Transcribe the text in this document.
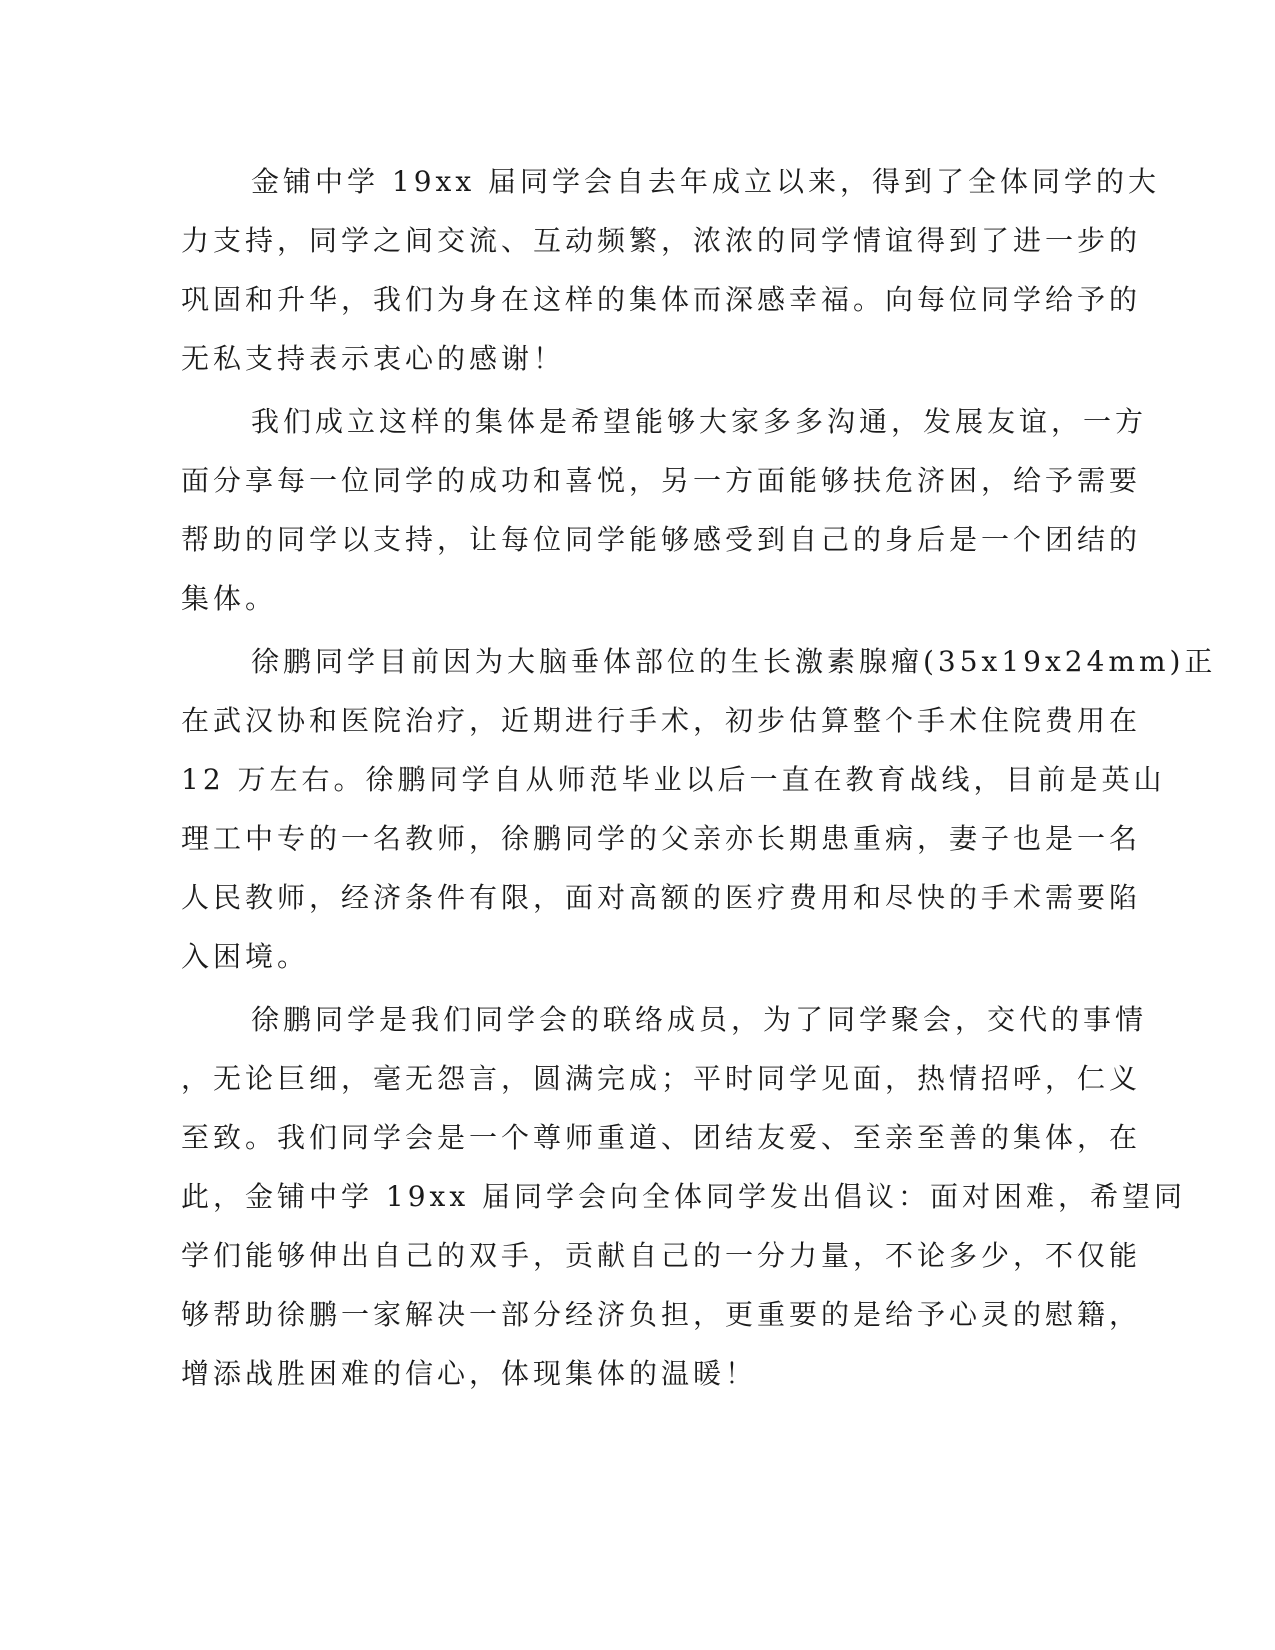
金铺中学 19xx 届同学会自去年成立以来，得到了全体同学的大
力支持，同学之间交流、互动频繁，浓浓的同学情谊得到了进一步的
巩固和升华，我们为身在这样的集体而深感幸福。向每位同学给予的
无私支持表示衷心的感谢！
我们成立这样的集体是希望能够大家多多沟通，发展友谊，一方
面分享每一位同学的成功和喜悦，另一方面能够扶危济困，给予需要
帮助的同学以支持，让每位同学能够感受到自己的身后是一个团结的
集体。
徐鹏同学目前因为大脑垂体部位的生长激素腺瘤(35x19x24mm)正
在武汉协和医院治疗，近期进行手术，初步估算整个手术住院费用在
12 万左右。徐鹏同学自从师范毕业以后一直在教育战线，目前是英山
理工中专的一名教师，徐鹏同学的父亲亦长期患重病，妻子也是一名
人民教师，经济条件有限，面对高额的医疗费用和尽快的手术需要陷
入困境。
徐鹏同学是我们同学会的联络成员，为了同学聚会，交代的事情
，无论巨细，毫无怨言，圆满完成；平时同学见面，热情招呼，仁义
至致。我们同学会是一个尊师重道、团结友爱、至亲至善的集体，在
此，金铺中学 19xx 届同学会向全体同学发出倡议：面对困难，希望同
学们能够伸出自己的双手，贡献自己的一分力量，不论多少，不仅能
够帮助徐鹏一家解决一部分经济负担，更重要的是给予心灵的慰籍，
增添战胜困难的信心，体现集体的温暖！
